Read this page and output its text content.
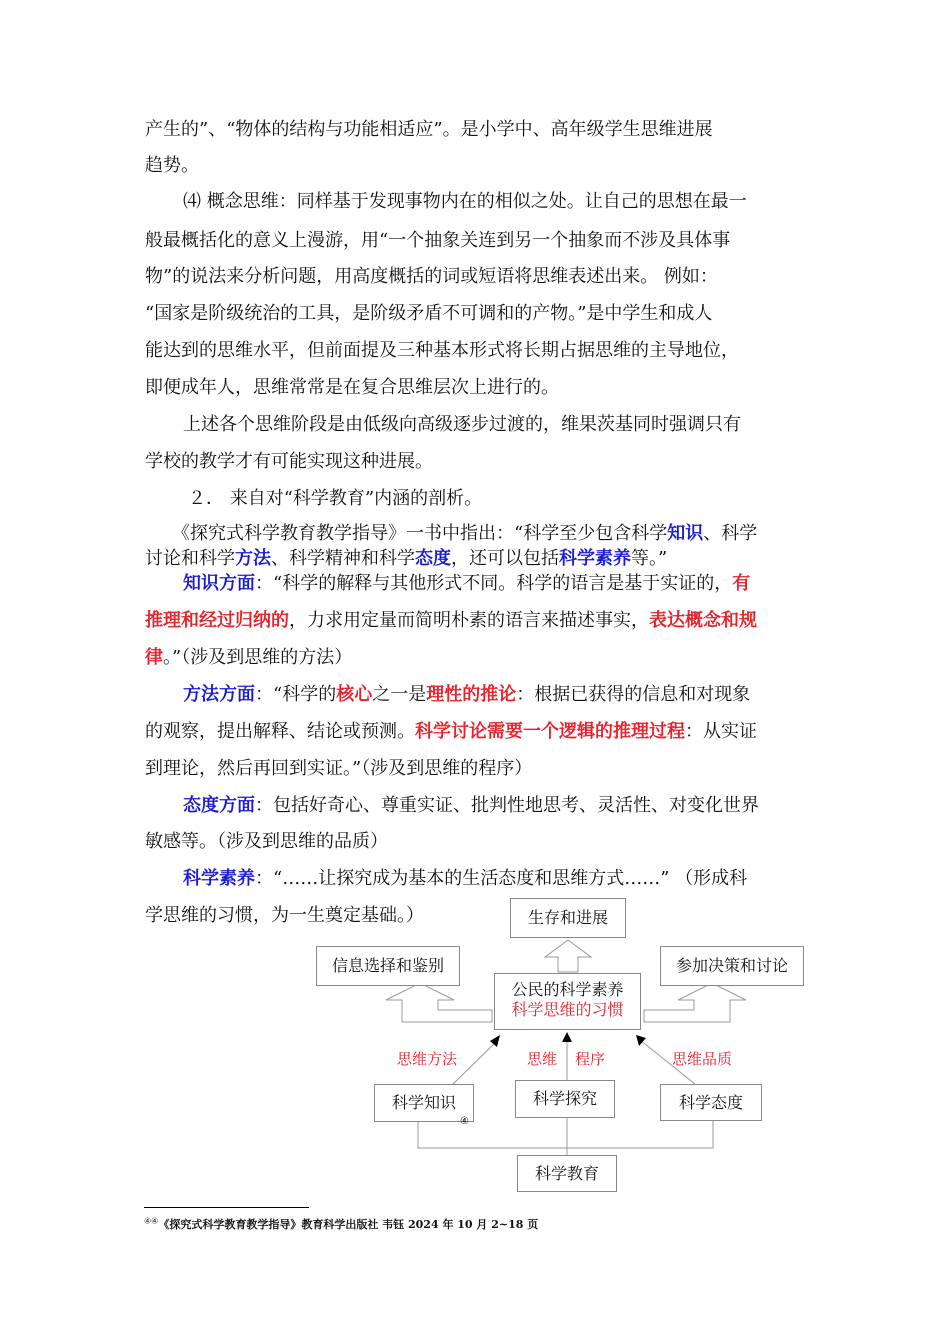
产生的”、“物体的结构与功能相适应”。是小学中、高年级学生思维进展
趋势。
⑷ 概念思维：同样基于发现事物内在的相似之处。让自己的思想在最一
般最概括化的意义上漫游，用“一个抽象关连到另一个抽象而不涉及具体事
物”的说法来分析问题，用高度概括的词或短语将思维表述出来。 例如：
“国家是阶级统治的工具，是阶级矛盾不可调和的产物。”是中学生和成人
能达到的思维水平，但前面提及三种基本形式将长期占据思维的主导地位，
即便成年人，思维常常是在复合思维层次上进行的。
上述各个思维阶段是由低级向高级逐步过渡的，维果茨基同时强调只有
学校的教学才有可能实现这种进展。
２． 来自对“科学教育”内涵的剖析。
《探究式科学教育教学指导》一书中指出：“科学至少包含科学知识、科学
讨论和科学方法、科学精神和科学态度，还可以包括科学素养等。”
知识方面：“科学的解释与其他形式不同。科学的语言是基于实证的，有
推理和经过归纳的，力求用定量而简明朴素的语言来描述事实，表达概念和规
律。”（涉及到思维的方法）
方法方面：“科学的核心之一是理性的推论：根据已获得的信息和对现象
的观察，提出解释、结论或预测。科学讨论需要一个逻辑的推理过程：从实证
到理论，然后再回到实证。”（涉及到思维的程序）
态度方面：包括好奇心、尊重实证、批判性地思考、灵活性、对变化世界
敏感等。（涉及到思维的品质）
科学素养：“……让探究成为基本的生活态度和思维方式……” （形成科
学思维的习惯，为一生奠定基础。）	生存和进展
信息选择和鉴别	参加决策和讨论
公民的科学素养
科学思维的习惯
思维方法	思维 程序	思维品质
科学知识
④
科学探究	科学态度
科学教育
④④《探究式科学教育教学指导》教育科学出版社 韦钰 2024 年 10 月 2~18 页
